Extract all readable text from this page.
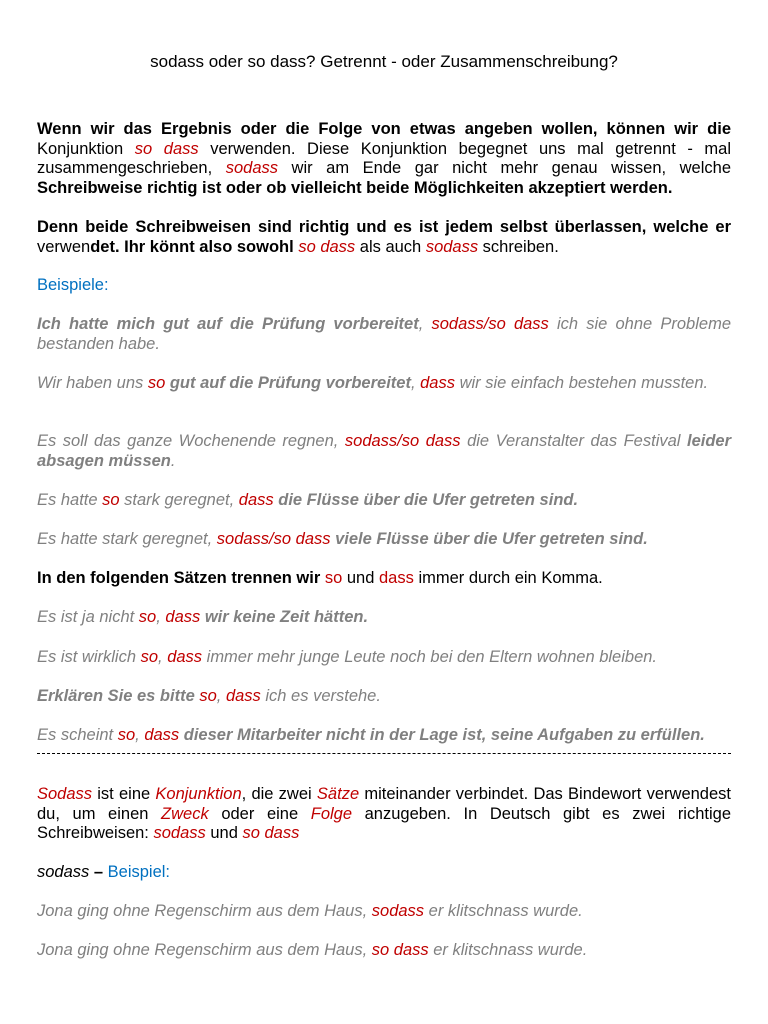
sodass oder so dass? Getrennt - oder Zusammenschreibung?
Wenn wir das Ergebnis oder die Folge von etwas angeben wollen, können wir die Konjunktion so dass verwenden. Diese Konjunktion begegnet uns mal getrennt - mal zusammengeschrieben, sodass wir am Ende gar nicht mehr genau wissen, welche Schreibweise richtig ist oder ob vielleicht beide Möglichkeiten akzeptiert werden.
Denn beide Schreibweisen sind richtig und es ist jedem selbst überlassen, welche er verwendet. Ihr könnt also sowohl so dass als auch sodass schreiben.
Beispiele:
Ich hatte mich gut auf die Prüfung vorbereitet, sodass/so dass ich sie ohne Probleme bestanden habe.
Wir haben uns so gut auf die Prüfung vorbereitet, dass wir sie einfach bestehen mussten.
Es soll das ganze Wochenende regnen, sodass/so dass die Veranstalter das Festival leider absagen müssen.
Es hatte so stark geregnet, dass die Flüsse über die Ufer getreten sind.
Es hatte stark geregnet, sodass/so dass viele Flüsse über die Ufer getreten sind.
In den folgenden Sätzen trennen wir so und dass immer durch ein Komma.
Es ist ja nicht so, dass wir keine Zeit hätten.
Es ist wirklich so, dass immer mehr junge Leute noch bei den Eltern wohnen bleiben.
Erklären Sie es bitte so, dass ich es verstehe.
Es scheint so, dass dieser Mitarbeiter nicht in der Lage ist, seine Aufgaben zu erfüllen.
Sodass ist eine Konjunktion, die zwei Sätze miteinander verbindet. Das Bindewort verwendest du, um einen Zweck oder eine Folge anzugeben. In Deutsch gibt es zwei richtige Schreibweisen: sodass und so dass
sodass – Beispiel:
Jona ging ohne Regenschirm aus dem Haus, sodass er klitschnass wurde.
Jona ging ohne Regenschirm aus dem Haus, so dass er klitschnass wurde.
